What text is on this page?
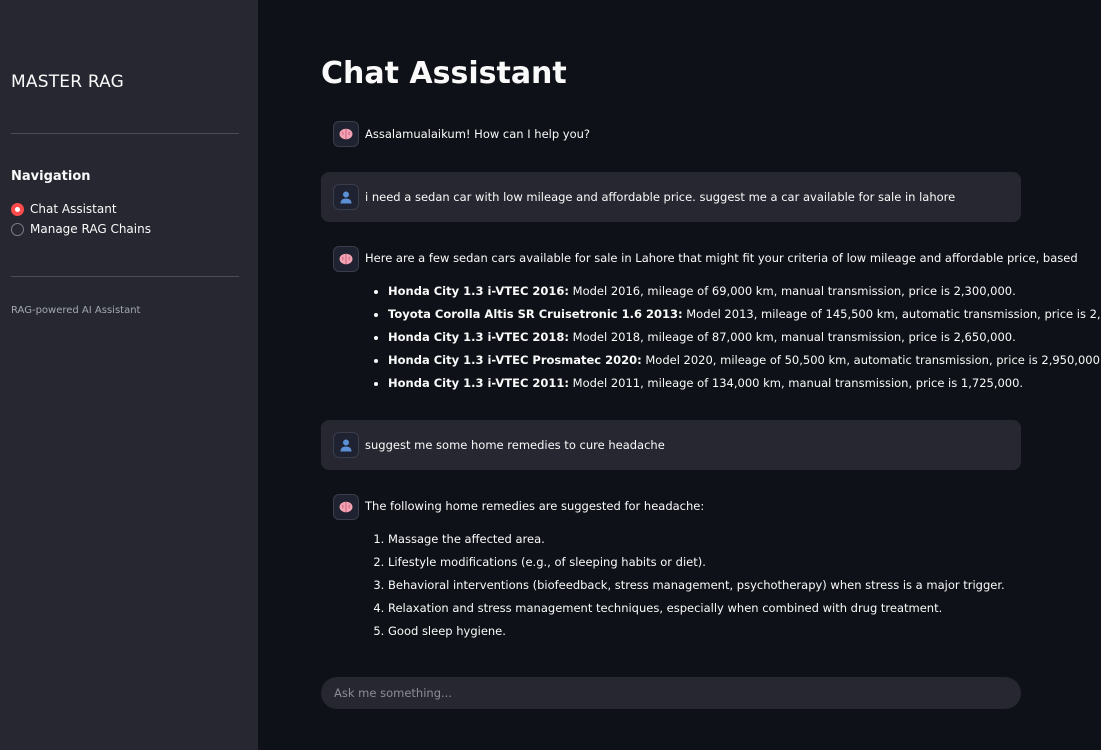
MASTER RAG
Navigation
Chat Assistant
Manage RAG Chains
RAG-powered AI Assistant
Chat Assistant
Assalamualaikum! How can I help you?
i need a sedan car with low mileage and affordable price. suggest me a car available for sale in lahore
Here are a few sedan cars available for sale in Lahore that might fit your criteria of low mileage and affordable price, based
• Honda City 1.3 i-VTEC 2016: Model 2016, mileage of 69,000 km, manual transmission, price is 2,300,000.
• Toyota Corolla Altis SR Cruisetronic 1.6 2013: Model 2013, mileage of 145,500 km, automatic transmission, price is 2,
• Honda City 1.3 i-VTEC 2018: Model 2018, mileage of 87,000 km, manual transmission, price is 2,650,000.
• Honda City 1.3 i-VTEC Prosmatec 2020: Model 2020, mileage of 50,500 km, automatic transmission, price is 2,950,000
• Honda City 1.3 i-VTEC 2011: Model 2011, mileage of 134,000 km, manual transmission, price is 1,725,000.
suggest me some home remedies to cure headache
The following home remedies are suggested for headache:
1. Massage the affected area.
2. Lifestyle modifications (e.g., of sleeping habits or diet).
3. Behavioral interventions (biofeedback, stress management, psychotherapy) when stress is a major trigger.
4. Relaxation and stress management techniques, especially when combined with drug treatment.
5. Good sleep hygiene.
Ask me something...
